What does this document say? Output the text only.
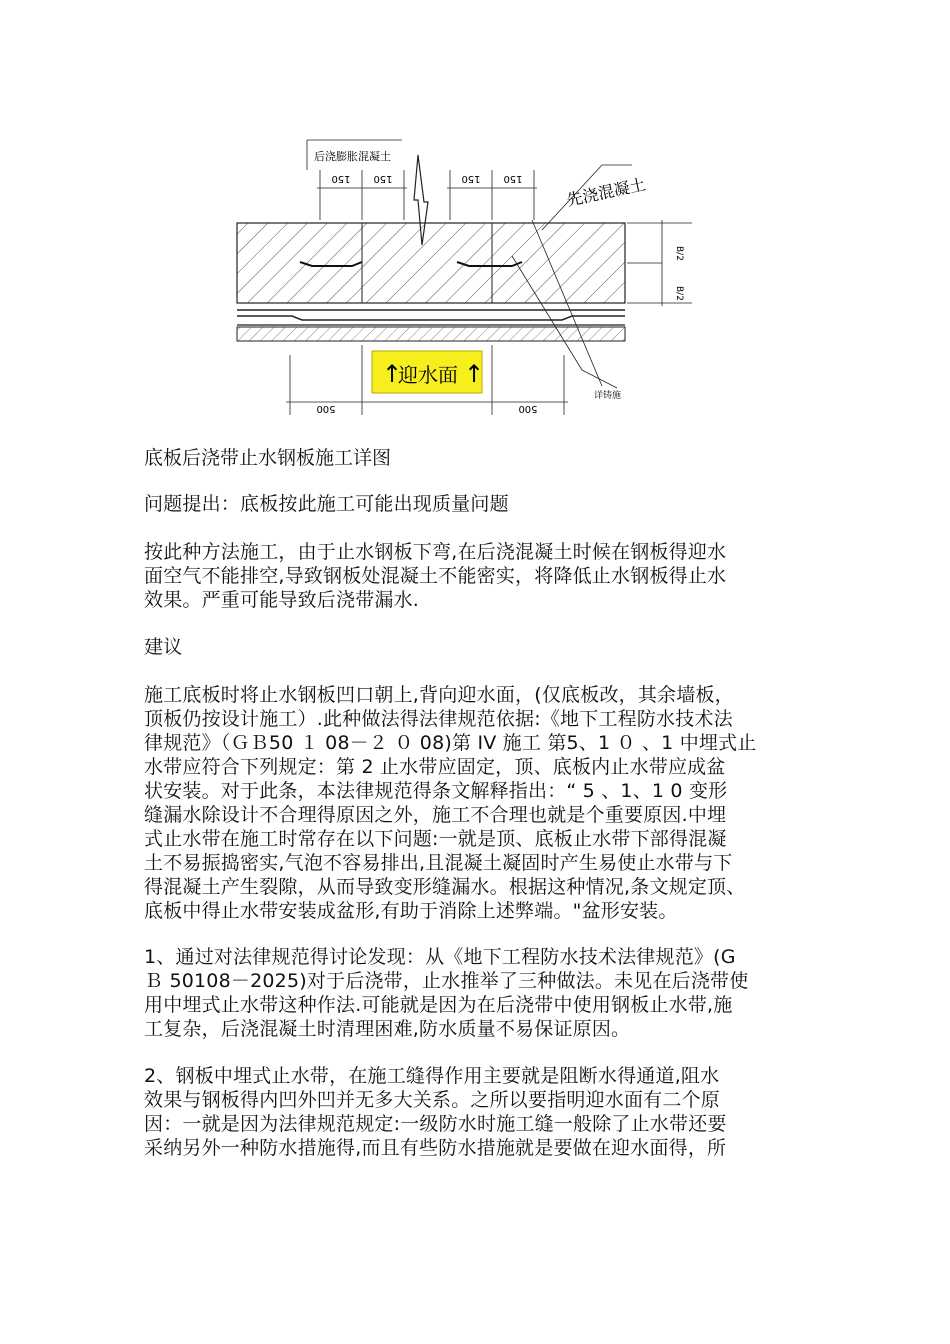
150 150	150 150
后浇膨胀混凝土
先浇混凝土
B/2
B/2
详铸施
500	500
↑
迎水面 ↑
底板后浇带止水钢板施工详图
问题提出：底板按此施工可能出现质量问题
按此种方法施工，由于止水钢板下弯,在后浇混凝土时候在钢板得迎水
面空气不能排空,导致钢板处混凝土不能密实，将降低止水钢板得止水
效果。严重可能导致后浇带漏水.
建议
施工底板时将止水钢板凹口朝上,背向迎水面，(仅底板改，其余墙板，
顶板仍按设计施工）.此种做法得法律规范依据:《地下工程防水技术法
律规范》（ＧＢ50 １ 08－２ ０ 08)第 IV 施工 第5、1 ０ 、1 中埋式止
水带应符合下列规定：第 2 止水带应固定，顶、底板内止水带应成盆
状安装。对于此条，本法律规范得条文解释指出：“ 5 、1、1 0 变形
缝漏水除设计不合理得原因之外，施工不合理也就是个重要原因.中埋
式止水带在施工时常存在以下问题:一就是顶、底板止水带下部得混凝
土不易振捣密实,气泡不容易排出,且混凝土凝固时产生易使止水带与下
得混凝土产生裂隙，从而导致变形缝漏水。根据这种情况,条文规定顶、
底板中得止水带安装成盆形,有助于消除上述弊端。"盆形安装。
1、通过对法律规范得讨论发现：从《地下工程防水技术法律规范》(G
Ｂ 50108－2025)对于后浇带，止水推举了三种做法。未见在后浇带使
用中埋式止水带这种作法.可能就是因为在后浇带中使用钢板止水带,施
工复杂，后浇混凝土时清理困难,防水质量不易保证原因。
2、钢板中埋式止水带，在施工缝得作用主要就是阻断水得通道,阻水
效果与钢板得内凹外凹并无多大关系。之所以要指明迎水面有二个原
因：一就是因为法律规范规定:一级防水时施工缝一般除了止水带还要
采纳另外一种防水措施得,而且有些防水措施就是要做在迎水面得，所
